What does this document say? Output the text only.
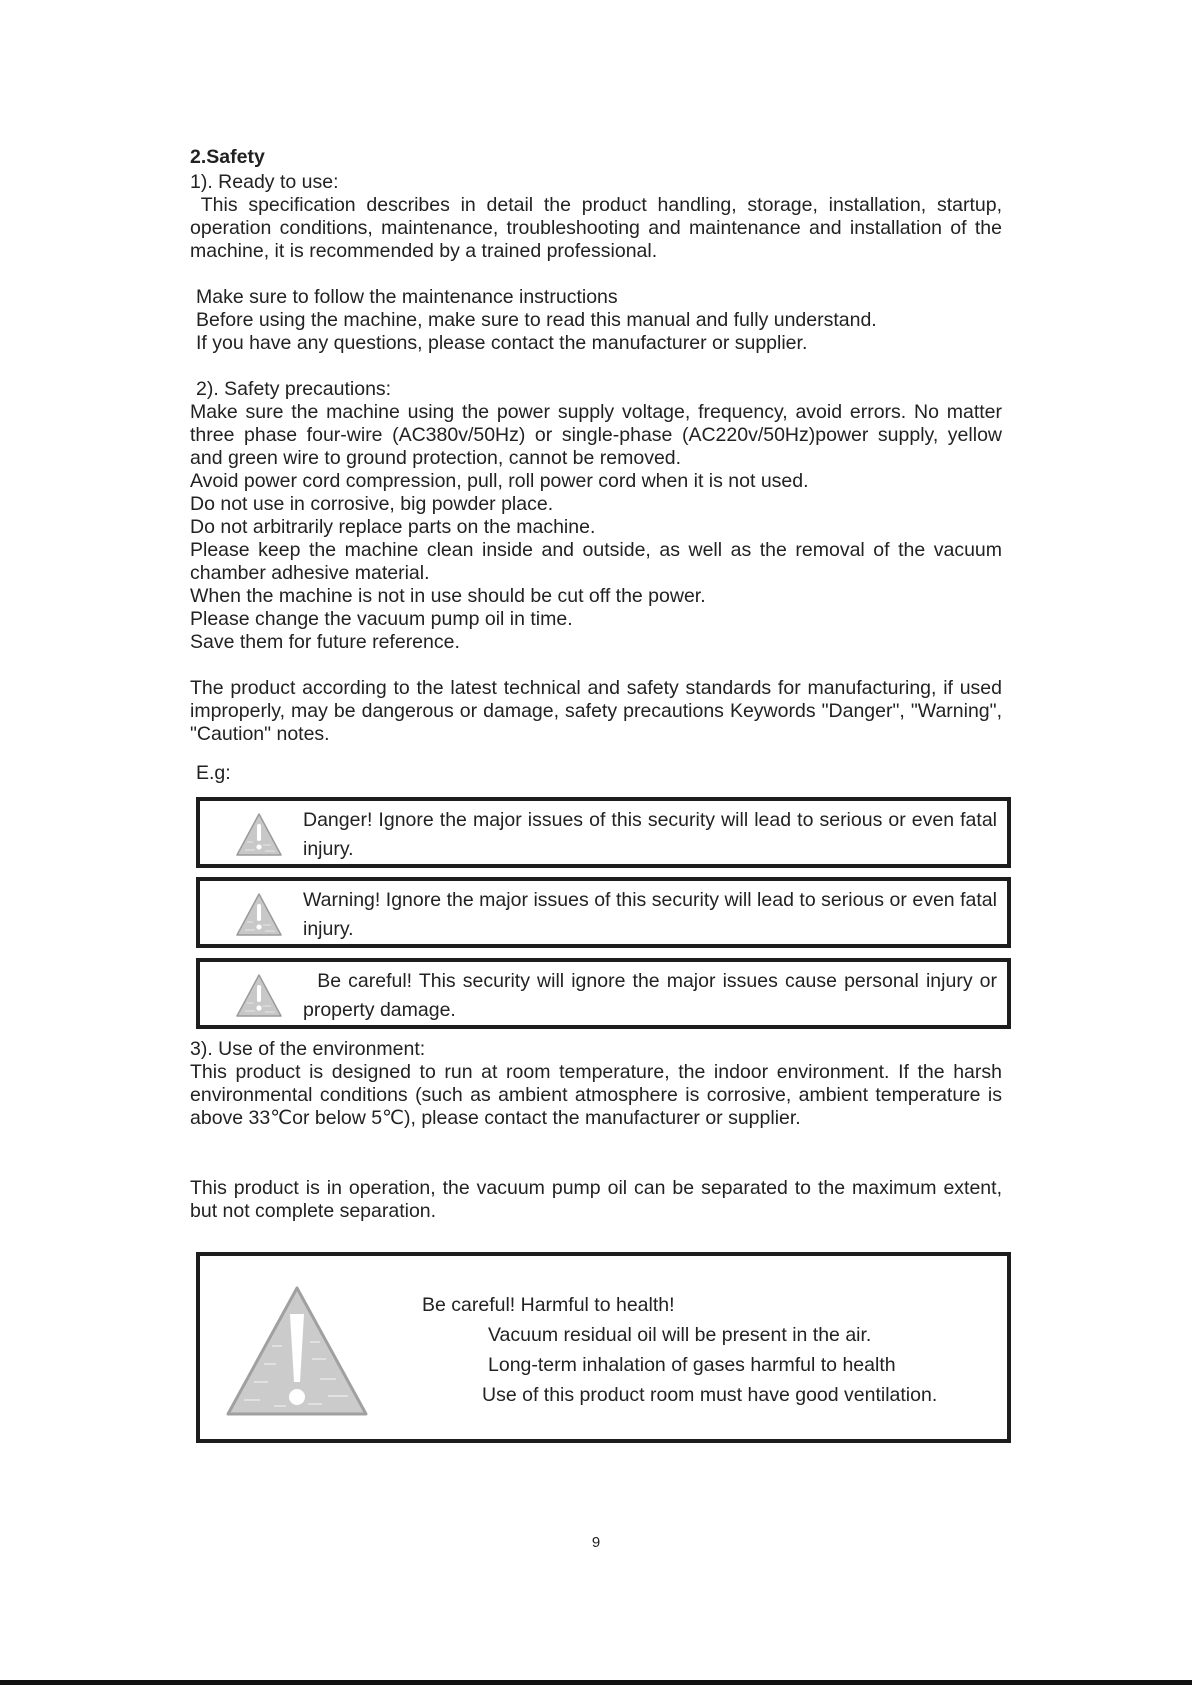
2.Safety

1). Ready to use:

This specification describes in detail the product handling, storage, installation, startup, operation conditions, maintenance, troubleshooting and maintenance and installation of the machine, it is recommended by a trained professional.

Make sure to follow the maintenance instructions

Before using the machine, make sure to read this manual and fully understand.

If you have any questions, please contact the manufacturer or supplier.

2). Safety precautions:

Make sure the machine using the power supply voltage, frequency, avoid errors. No matter three phase four-wire (AC380v/50Hz) or single-phase (AC220v/50Hz)power supply, yellow and green wire to ground protection, cannot be removed.

Avoid power cord compression, pull, roll power cord when it is not used.

Do not use in corrosive, big powder place.

Do not arbitrarily replace parts on the machine.

Please keep the machine clean inside and outside, as well as the removal of the vacuum chamber adhesive material.

When the machine is not in use should be cut off the power.

Please change the vacuum pump oil in time.

Save them for future reference.

The product according to the latest technical and safety standards for manufacturing, if used improperly, may be dangerous or damage, safety precautions Keywords "Danger", "Warning", "Caution" notes.

E.g:

Danger! Ignore the major issues of this security will lead to serious or even fatal injury.
Warning! Ignore the major issues of this security will lead to serious or even fatal injury.
Be careful! This security will ignore the major issues cause personal injury or property damage.

3). Use of the environment:

This product is designed to run at room temperature, the indoor environment. If the harsh environmental conditions (such as ambient atmosphere is corrosive, ambient temperature is above 33℃or below 5℃), please contact the manufacturer or supplier.

This product is in operation, the vacuum pump oil can be separated to the maximum extent, but not complete separation.

Be careful! Harmful to health!
Vacuum residual oil will be present in the air.
Long-term inhalation of gases harmful to health
Use of this product room must have good ventilation.
9
